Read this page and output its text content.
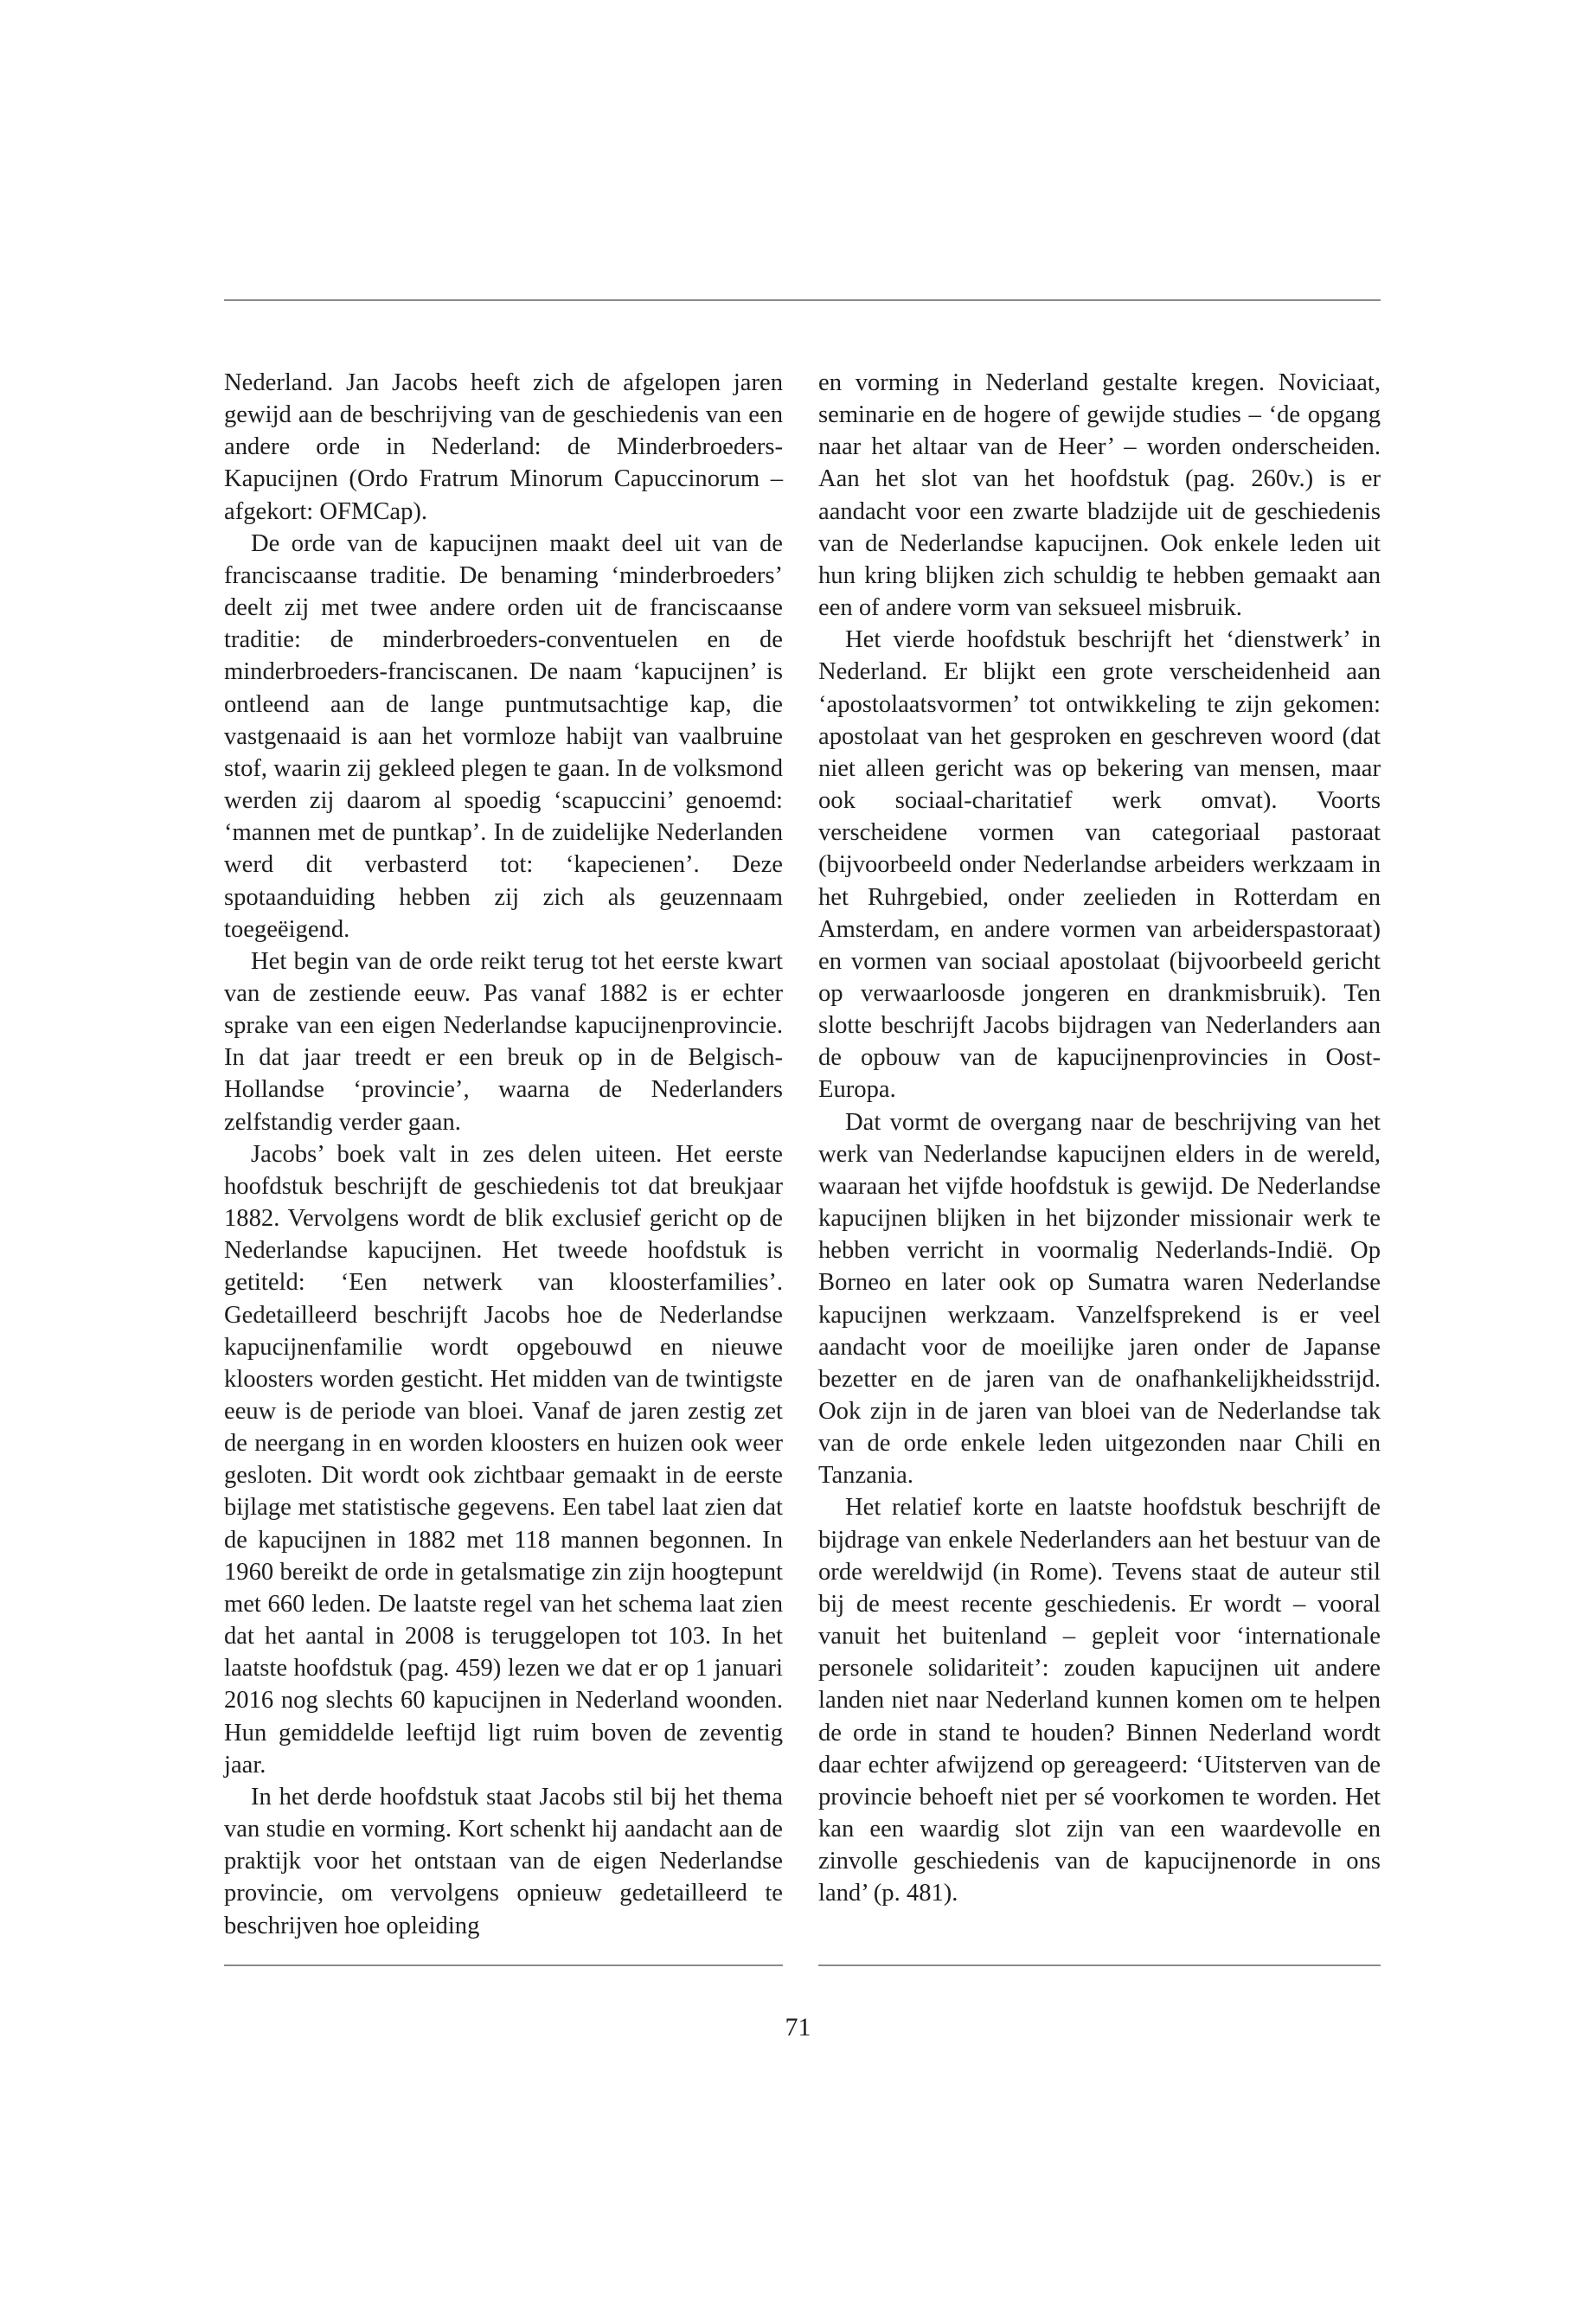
Nederland. Jan Jacobs heeft zich de afgelopen jaren gewijd aan de beschrijving van de geschiedenis van een andere orde in Nederland: de Minderbroeders-Kapucijnen (Ordo Fratrum Minorum Capuccinorum – afgekort: OFMCap).

De orde van de kapucijnen maakt deel uit van de franciscaanse traditie. De benaming ‘minderbroeders’ deelt zij met twee andere orden uit de franciscaanse traditie: de minderbroeders-conventuelen en de minderbroeders-franciscanen. De naam ‘kapucijnen’ is ontleend aan de lange puntmutsachtige kap, die vastgenaaid is aan het vormloze habijt van vaalbruine stof, waarin zij gekleed plegen te gaan. In de volksmond werden zij daarom al spoedig ‘scapuccini’ genoemd: ‘mannen met de puntkap’. In de zuidelijke Nederlanden werd dit verbasterd tot: ‘kapecienen’. Deze spotaanduiding hebben zij zich als geuzennaam toegeëigend.

Het begin van de orde reikt terug tot het eerste kwart van de zestiende eeuw. Pas vanaf 1882 is er echter sprake van een eigen Nederlandse kapucijnenprovincie. In dat jaar treedt er een breuk op in de Belgisch-Hollandse ‘provincie’, waarna de Nederlanders zelfstandig verder gaan.

Jacobs’ boek valt in zes delen uiteen. Het eerste hoofdstuk beschrijft de geschiedenis tot dat breukjaar 1882. Vervolgens wordt de blik exclusief gericht op de Nederlandse kapucijnen. Het tweede hoofdstuk is getiteld: ‘Een netwerk van kloosterfamilies’. Gedetailleerd beschrijft Jacobs hoe de Nederlandse kapucijnenfamilie wordt opgebouwd en nieuwe kloosters worden gesticht. Het midden van de twintigste eeuw is de periode van bloei. Vanaf de jaren zestig zet de neergang in en worden kloosters en huizen ook weer gesloten. Dit wordt ook zichtbaar gemaakt in de eerste bijlage met statistische gegevens. Een tabel laat zien dat de kapucijnen in 1882 met 118 mannen begonnen. In 1960 bereikt de orde in getalsmatige zin zijn hoogtepunt met 660 leden. De laatste regel van het schema laat zien dat het aantal in 2008 is teruggelopen tot 103. In het laatste hoofdstuk (pag. 459) lezen we dat er op 1 januari 2016 nog slechts 60 kapucijnen in Nederland woonden. Hun gemiddelde leeftijd ligt ruim boven de zeventig jaar.

In het derde hoofdstuk staat Jacobs stil bij het thema van studie en vorming. Kort schenkt hij aandacht aan de praktijk voor het ontstaan van de eigen Nederlandse provincie, om vervolgens opnieuw gedetailleerd te beschrijven hoe opleiding

en vorming in Nederland gestalte kregen. Noviciaat, seminarie en de hogere of gewijde studies – ‘de opgang naar het altaar van de Heer’ – worden onderscheiden. Aan het slot van het hoofdstuk (pag. 260v.) is er aandacht voor een zwarte bladzijde uit de geschiedenis van de Nederlandse kapucijnen. Ook enkele leden uit hun kring blijken zich schuldig te hebben gemaakt aan een of andere vorm van seksueel misbruik.

Het vierde hoofdstuk beschrijft het ‘dienstwerk’ in Nederland. Er blijkt een grote verscheidenheid aan ‘apostolaatsvormen’ tot ontwikkeling te zijn gekomen: apostolaat van het gesproken en geschreven woord (dat niet alleen gericht was op bekering van mensen, maar ook sociaal-charitatief werk omvat). Voorts verscheidene vormen van categoriaal pastoraat (bijvoorbeeld onder Nederlandse arbeiders werkzaam in het Ruhrgebied, onder zeelieden in Rotterdam en Amsterdam, en andere vormen van arbeiderspastoraat) en vormen van sociaal apostolaat (bijvoorbeeld gericht op verwaarloosde jongeren en drankmisbruik). Ten slotte beschrijft Jacobs bijdragen van Nederlanders aan de opbouw van de kapucijnenprovincies in Oost-Europa.

Dat vormt de overgang naar de beschrijving van het werk van Nederlandse kapucijnen elders in de wereld, waaraan het vijfde hoofdstuk is gewijd. De Nederlandse kapucijnen blijken in het bijzonder missionair werk te hebben verricht in voormalig Nederlands-Indië. Op Borneo en later ook op Sumatra waren Nederlandse kapucijnen werkzaam. Vanzelfsprekend is er veel aandacht voor de moeilijke jaren onder de Japanse bezetter en de jaren van de onafhankelijkheidsstrijd. Ook zijn in de jaren van bloei van de Nederlandse tak van de orde enkele leden uitgezonden naar Chili en Tanzania.

Het relatief korte en laatste hoofdstuk beschrijft de bijdrage van enkele Nederlanders aan het bestuur van de orde wereldwijd (in Rome). Tevens staat de auteur stil bij de meest recente geschiedenis. Er wordt – vooral vanuit het buitenland – gepleit voor ‘internationale personele solidariteit’: zouden kapucijnen uit andere landen niet naar Nederland kunnen komen om te helpen de orde in stand te houden? Binnen Nederland wordt daar echter afwijzend op gereageerd: ‘Uitsterven van de provincie behoeft niet per sé voorkomen te worden. Het kan een waardig slot zijn van een waardevolle en zinvolle geschiedenis van de kapucijnenorde in ons land’ (p. 481).

71
